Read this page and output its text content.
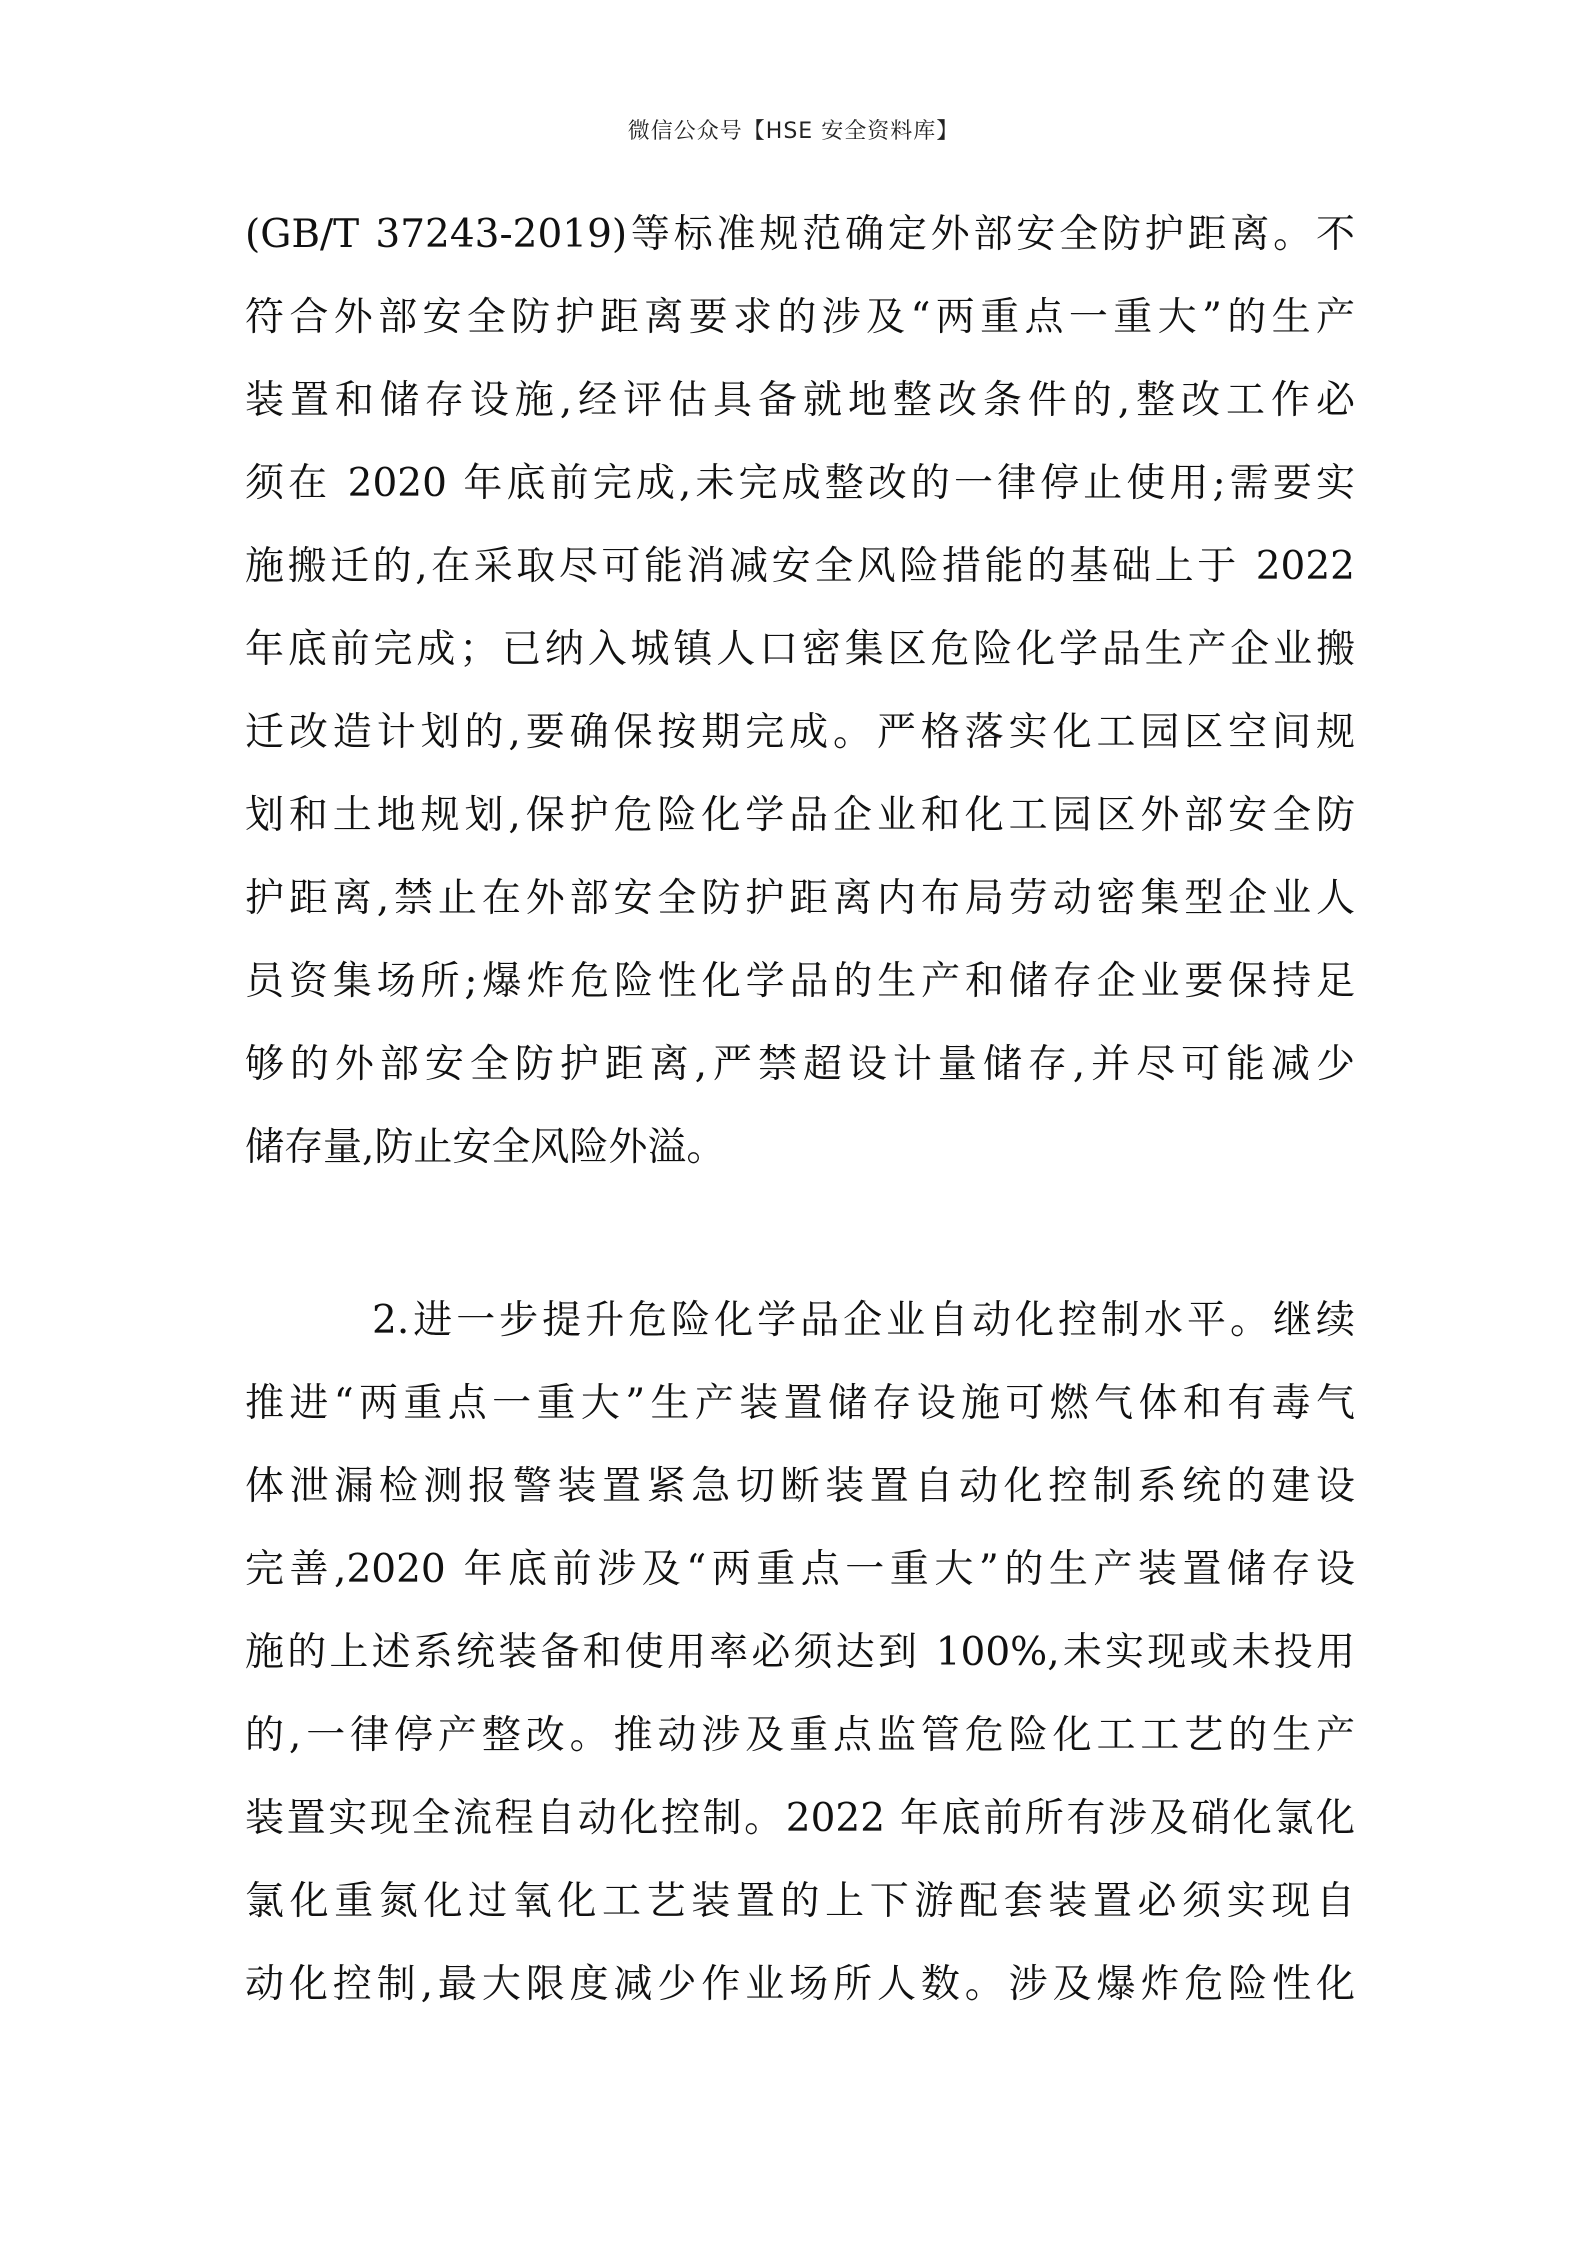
微信公众号【HSE 安全资料库】
(GB/T 37243-2019)等标准规范确定外部安全防护距离。不
符合外部安全防护距离要求的涉及“两重点一重大”的生产
装置和储存设施,经评估具备就地整改条件的,整改工作必
须在 2020 年底前完成,未完成整改的一律停止使用;需要实
施搬迁的,在采取尽可能消减安全风险措能的基础上于 2022
年底前完成；已纳入城镇人口密集区危险化学品生产企业搬
迁改造计划的,要确保按期完成。严格落实化工园区空间规
划和土地规划,保护危险化学品企业和化工园区外部安全防
护距离,禁止在外部安全防护距离内布局劳动密集型企业人
员资集场所;爆炸危险性化学品的生产和储存企业要保持足
够的外部安全防护距离,严禁超设计量储存,并尽可能减少
储存量,防止安全风险外溢。
2.进一步提升危险化学品企业自动化控制水平。继续
推进“两重点一重大”生产装置储存设施可燃气体和有毒气
体泄漏检测报警装置紧急切断装置自动化控制系统的建设
完善,2020 年底前涉及“两重点一重大”的生产装置储存设
施的上述系统装备和使用率必须达到 100%,未实现或未投用
的,一律停产整改。推动涉及重点监管危险化工工艺的生产
装置实现全流程自动化控制。2022 年底前所有涉及硝化氯化
氯化重氮化过氧化工艺装置的上下游配套装置必须实现自
动化控制,最大限度减少作业场所人数。涉及爆炸危险性化
